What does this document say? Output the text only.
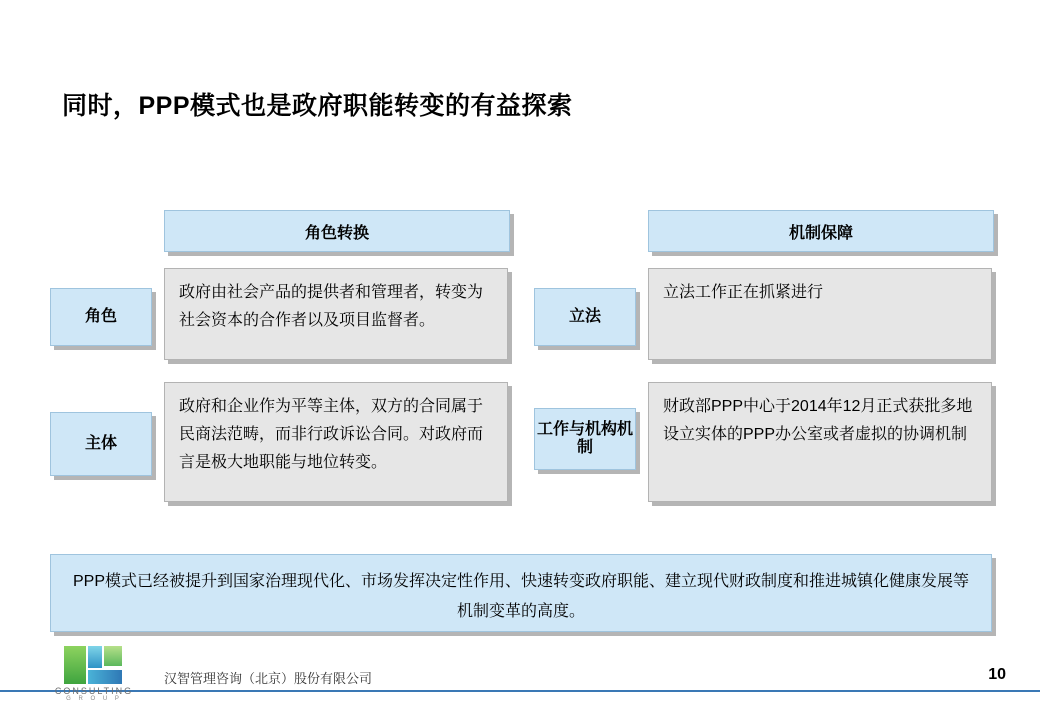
同时，PPP模式也是政府职能转变的有益探索
角色转换	机制保障
角色
政府由社会产品的提供者和管理者，转变为社会资本的合作者以及项目监督者。
主体
政府和企业作为平等主体，双方的合同属于民商法范畴，而非行政诉讼合同。对政府而言是极大地职能与地位转变。
立法
立法工作正在抓紧进行
工作与机构机制
财政部PPP中心于2014年12月正式获批多地设立实体的PPP办公室或者虚拟的协调机制
PPP模式已经被提升到国家治理现代化、市场发挥决定性作用、快速转变政府职能、建立现代财政制度和推进城镇化健康发展等机制变革的高度。
CONSULTING
G R O U P
汉智管理咨询（北京）股份有限公司	10
